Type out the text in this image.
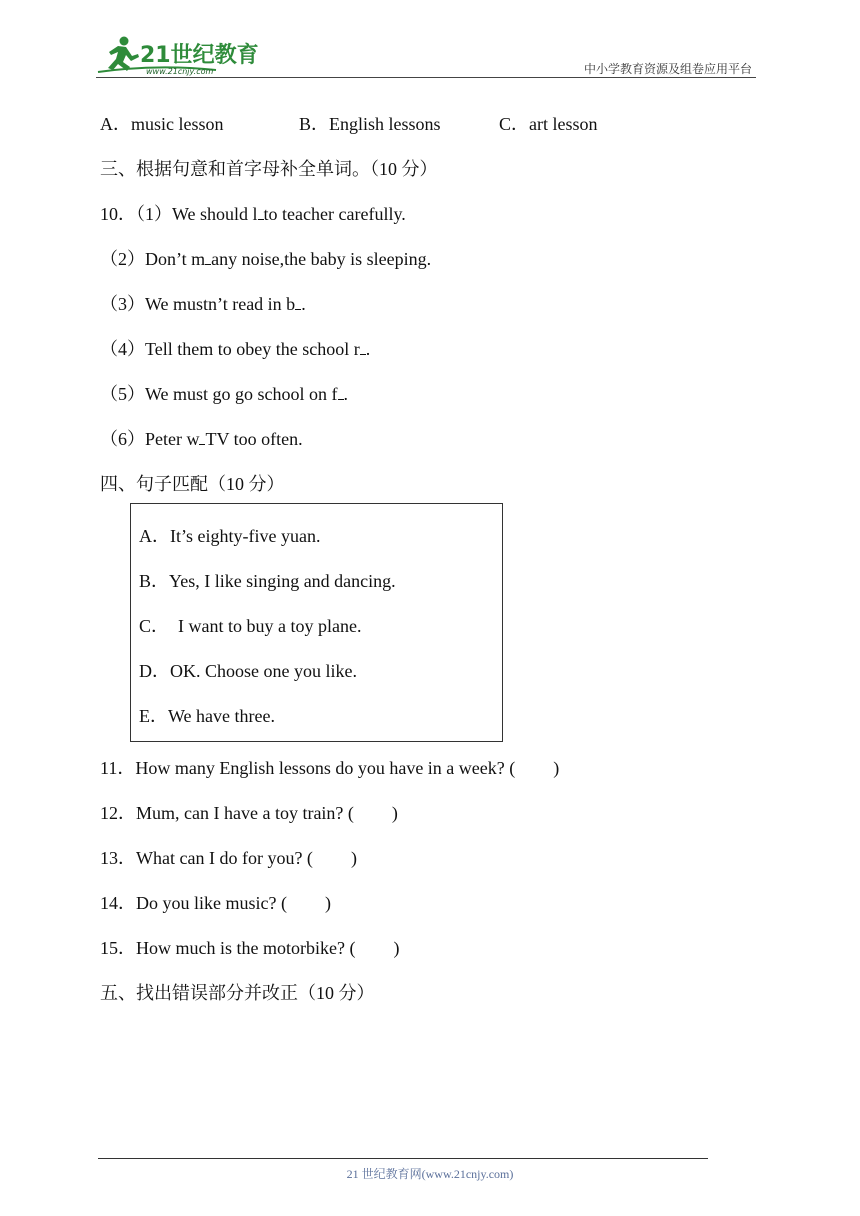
21世纪教育
www.21cnjy.com	中小学教育资源及组卷应用平台
A．music lesson	B．English lessons	C．art lesson
三、根据句意和首字母补全单词。（10 分）
10．（1）We should l to teacher carefully.
（2）Don’t m any noise,the baby is sleeping.
（3）We mustn’t read in b .
（4）Tell them to obey the school r .
（5）We must go go school on f .
（6）Peter w TV too often.
四、句子匹配（10 分）
A．It’s eighty-five yuan.
B．Yes, I like singing and dancing.
C．  I want to buy a toy plane.
D．OK. Choose one you like.
E．We have three.
11．How many English lessons do you have in a week? ( )
12．Mum, can I have a toy train? ( )
13．What can I do for you? ( )
14．Do you like music? ( )
15．How much is the motorbike? ( )
五、找出错误部分并改正（10 分）
21 世纪教育网(www.21cnjy.com)
